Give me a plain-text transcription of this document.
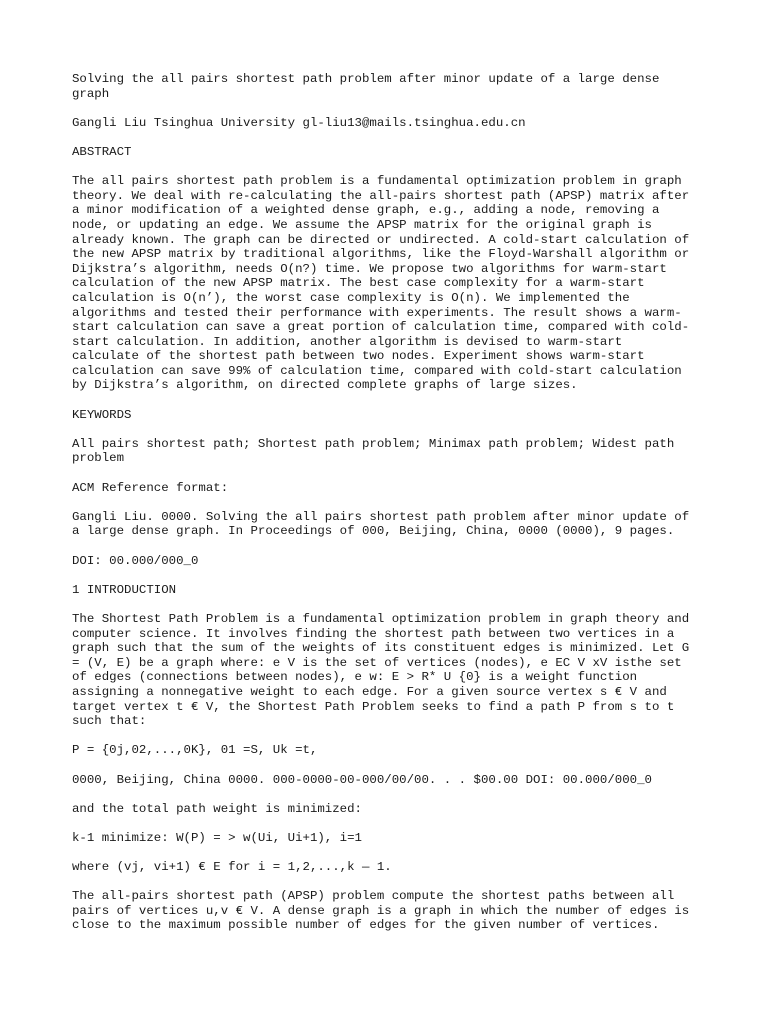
Solving the all pairs shortest path problem after minor update of a large dense
graph

Gangli Liu Tsinghua University gl-liu13@mails.tsinghua.edu.cn

ABSTRACT

The all pairs shortest path problem is a fundamental optimization problem in graph
theory. We deal with re-calculating the all-pairs shortest path (APSP) matrix after
a minor modification of a weighted dense graph, e.g., adding a node, removing a
node, or updating an edge. We assume the APSP matrix for the original graph is
already known. The graph can be directed or undirected. A cold-start calculation of
the new APSP matrix by traditional algorithms, like the Floyd-Warshall algorithm or
Dijkstra’s algorithm, needs O(n?) time. We propose two algorithms for warm-start
calculation of the new APSP matrix. The best case complexity for a warm-start
calculation is O(n’), the worst case complexity is O(n). We implemented the
algorithms and tested their performance with experiments. The result shows a warm-
start calculation can save a great portion of calculation time, compared with cold-
start calculation. In addition, another algorithm is devised to warm-start
calculate of the shortest path between two nodes. Experiment shows warm-start
calculation can save 99% of calculation time, compared with cold-start calculation
by Dijkstra’s algorithm, on directed complete graphs of large sizes.

KEYWORDS

All pairs shortest path; Shortest path problem; Minimax path problem; Widest path
problem

ACM Reference format:

Gangli Liu. 0000. Solving the all pairs shortest path problem after minor update of
a large dense graph. In Proceedings of 000, Beijing, China, 0000 (0000), 9 pages.

DOI: 00.000/000_0

1 INTRODUCTION

The Shortest Path Problem is a fundamental optimization problem in graph theory and
computer science. It involves finding the shortest path between two vertices in a
graph such that the sum of the weights of its constituent edges is minimized. Let G
= (V, E) be a graph where: e V is the set of vertices (nodes), e EC V xV isthe set
of edges (connections between nodes), e w: E > R* U {0} is a weight function
assigning a nonnegative weight to each edge. For a given source vertex s € V and
target vertex t € V, the Shortest Path Problem seeks to find a path P from s to t
such that:

P = {0j,02,...,0K}, 01 =S, Uk =t,

0000, Beijing, China 0000. 000-0000-00-000/00/00. . . $00.00 DOI: 00.000/000_0

and the total path weight is minimized:

k-1 minimize: W(P) = > w(Ui, Ui+1), i=1

where (vj, vi+1) € E for i = 1,2,...,k — 1.

The all-pairs shortest path (APSP) problem compute the shortest paths between all
pairs of vertices u,v € V. A dense graph is a graph in which the number of edges is
close to the maximum possible number of edges for the given number of vertices.
